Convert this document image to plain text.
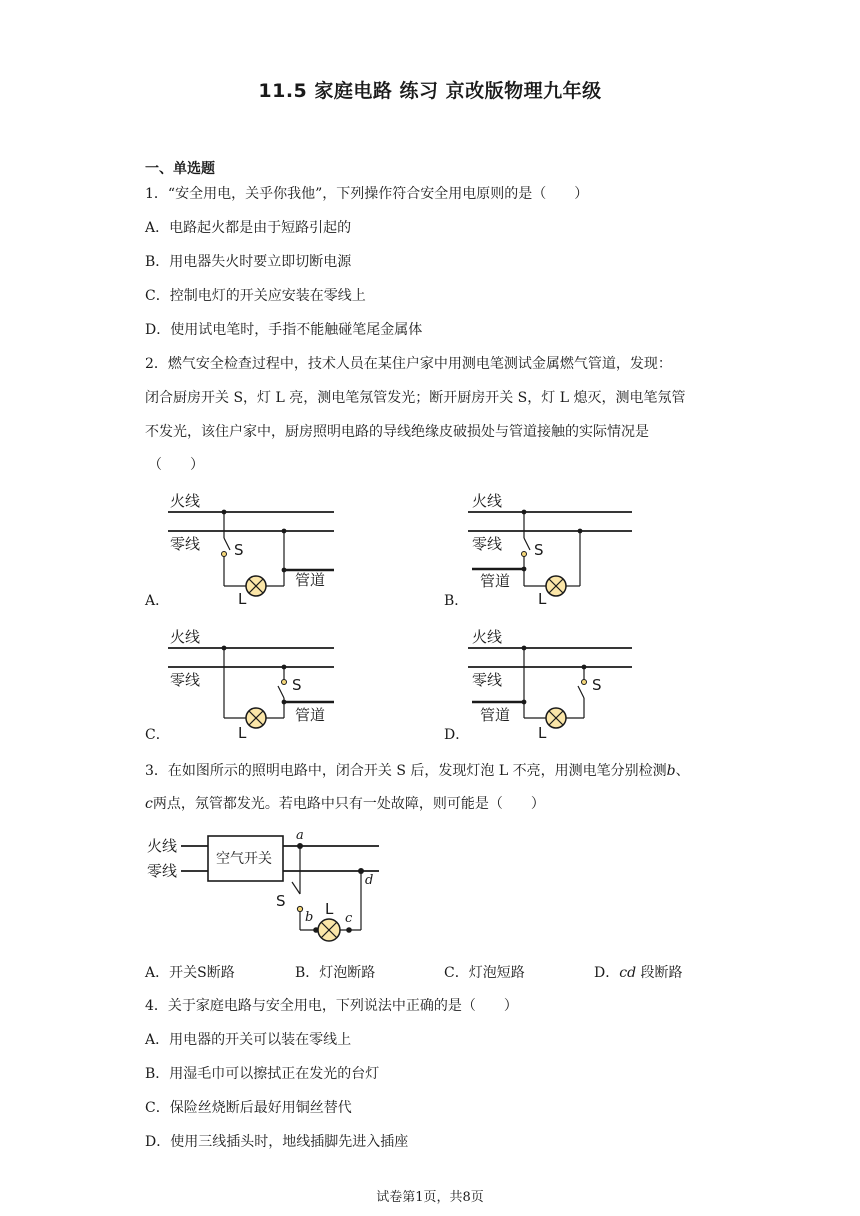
11.5 家庭电路 练习 京改版物理九年级
一、单选题
1．“安全用电，关乎你我他”，下列操作符合安全用电原则的是（　　）
A．电路起火都是由于短路引起的
B．用电器失火时要立即切断电源
C．控制电灯的开关应安装在零线上
D．使用试电笔时，手指不能触碰笔尾金属体
2．燃气安全检查过程中，技术人员在某住户家中用测电笔测试金属燃气管道，发现：
闭合厨房开关 S，灯 L 亮，测电笔氖管发光；断开厨房开关 S，灯 L 熄灭，测电笔氖管
不发光，该住户家中，厨房照明电路的导线绝缘皮破损处与管道接触的实际情况是
（　　）
A．
火线
零线 S
L
管道
B．
火线
零线 S
管道
L
C．
火线
零线
L
管道
S
D．
火线
零线
管道
L
S
3．在如图所示的照明电路中，闭合开关 S 后，发现灯泡 L 不亮，用测电笔分别检测b、
c两点，氖管都发光。若电路中只有一处故障，则可能是（　　）
火线
零线
空气开关
a
S
b L
c
d
A．开关S断路	B．灯泡断路	C．灯泡短路	D．cd 段断路
4．关于家庭电路与安全用电，下列说法中正确的是（　　）
A．用电器的开关可以装在零线上
B．用湿毛巾可以擦拭正在发光的台灯
C．保险丝烧断后最好用铜丝替代
D．使用三线插头时，地线插脚先进入插座
试卷第1页，共8页
